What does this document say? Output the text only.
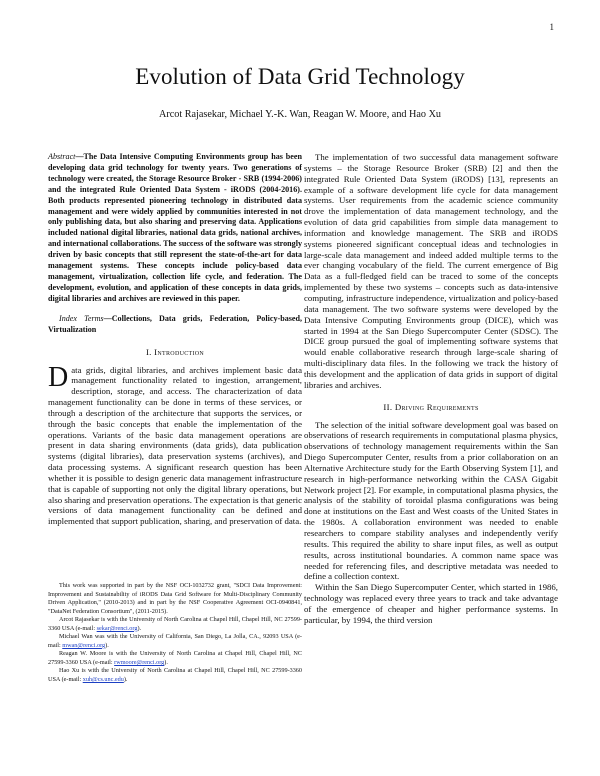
1
Evolution of Data Grid Technology
Arcot Rajasekar, Michael Y.-K. Wan, Reagan W. Moore, and Hao Xu

Abstract—The Data Intensive Computing Environments group has been developing data grid technology for twenty years. Two generations of technology were created, the Storage Resource Broker - SRB (1994-2006) and the integrated Rule Oriented Data System - iRODS (2004-2016). Both products represented pioneering technology in distributed data management and were widely applied by communities interested in not only publishing data, but also sharing and preserving data. Applications included national digital libraries, national data grids, national archives, and international collaborations. The success of the software was strongly driven by basic concepts that still represent the state-of-the-art for data management systems. These concepts include policy-based data management, virtualization, collection life cycle, and federation. The development, evolution, and application of these concepts in data grids, digital libraries and archives are reviewed in this paper.

Index Terms—Collections, Data grids, Federation, Policy-based, Virtualization

I. Introduction

Data grids, digital libraries, and archives implement basic data management functionality related to ingestion, arrangement, description, storage, and access. The characterization of data management functionality can be done in terms of these services, or through a description of the architecture that supports the services, or through the basic concepts that enable the implementation of the operations. Variants of the basic data management operations are present in data sharing environments (data grids), data publication systems (digital libraries), data preservation systems (archives), and data processing systems. A significant research question has been whether it is possible to design generic data management infrastructure that is capable of supporting not only the digital library operations, but also sharing and preservation operations. The expectation is that generic versions of data management functionality can be defined and implemented that support publication, sharing, and preservation of data.

This work was supported in part by the NSF OCI-1032732 grant, "SDCI Data Improvement: Improvement and Sustainability of iRODS Data Grid Software for Multi-Disciplinary Community Driven Application," (2010-2013) and in part by the NSF Cooperative Agreement OCI-0940841, "DataNet Federation Consortium", (2011-2015).

Arcot Rajasekar is with the University of North Carolina at Chapel Hill, Chapel Hill, NC 27599-3360 USA (e-mail: sekar@renci.org).

Michael Wan was with the University of California, San Diego, La Jolla, CA., 92093 USA (e-mail: mwan@renci.org).

Reagan W. Moore is with the University of North Carolina at Chapel Hill, Chapel Hill, NC 27599-3360 USA (e-mail: rwmoore@renci.org).

Hao Xu is with the University of North Carolina at Chapel Hill, Chapel Hill, NC 27599-3360 USA (e-mail: xuh@cs.unc.edu).

The implementation of two successful data management software systems – the Storage Resource Broker (SRB) [2] and then the integrated Rule Oriented Data System (iRODS) [13], represents an example of a software development life cycle for data management systems. User requirements from the academic science community drove the implementation of data management technology, and the evolution of data grid capabilities from simple data management to information and knowledge management. The SRB and iRODS systems pioneered significant conceptual ideas and technologies in large-scale data management and indeed added multiple terms to the ever changing vocabulary of the field. The current emergence of Big Data as a full-fledged field can be traced to some of the concepts implemented by these two systems – concepts such as data-intensive computing, infrastructure independence, virtualization and policy-based data management. The two software systems were developed by the Data Intensive Computing Environments group (DICE), which was started in 1994 at the San Diego Supercomputer Center (SDSC). The DICE group pursued the goal of implementing software systems that would enable collaborative research through large-scale sharing of multi-disciplinary data files. In the following we track the history of this development and the application of data grids in support of digital libraries and archives.

II. Driving Requirements

The selection of the initial software development goal was based on observations of research requirements in computational plasma physics, observations of technology management requirements within the San Diego Supercomputer Center, results from a prior collaboration on an Alternative Architecture study for the Earth Observing System [1], and research in high-performance networking within the CASA Gigabit Network project [2]. For example, in computational plasma physics, the analysis of the stability of toroidal plasma configurations was being done at institutions on the East and West coasts of the United States in the 1980s. A collaboration environment was needed to enable researchers to compare stability analyses and independently verify results. This required the ability to share input files, as well as output results, across institutional boundaries. A common name space was needed for referencing files, and descriptive metadata was needed to define a collection context.

Within the San Diego Supercomputer Center, which started in 1986, technology was replaced every three years to track and take advantage of the emergence of cheaper and higher performance systems. In particular, by 1994, the third version
